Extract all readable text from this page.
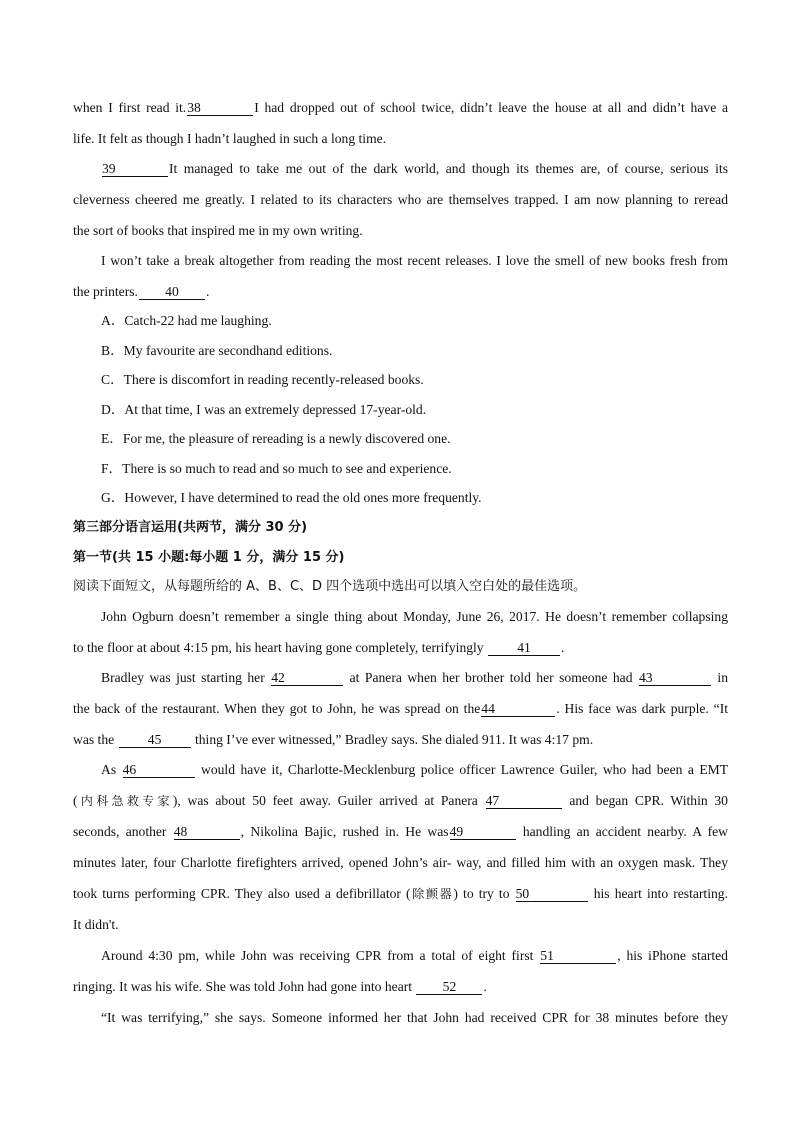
when I first read it.38	I had dropped out of school twice, didn’t leave the house at all and didn’t have a
life. It felt as though I hadn’t laughed in such a long time.
39	It managed to take me out of the dark world, and though its themes are, of course, serious its
cleverness cheered me greatly. I related to its characters who are themselves trapped. I am now planning to reread
the sort of books that inspired me in my own writing.
I won’t take a break altogether from reading the most recent releases. I love the smell of new books fresh from
the printers. 40 .
A．Catch-22 had me laughing.
B．My favourite are secondhand editions.
C．There is discomfort in reading recently-released books.
D．At that time, I was an extremely depressed 17-year-old.
E．For me, the pleasure of rereading is a newly discovered one.
F．There is so much to read and so much to see and experience.
G．However, I have determined to read the old ones more frequently.
第三部分语言运用(共两节，满分 30 分)
第一节(共 15 小题:每小题 1 分，满分 15 分)
阅读下面短文，从每题所给的 A、B、C、D 四个选项中选出可以填入空白处的最佳选项。
John Ogburn doesn’t remember a single thing about Monday, June 26, 2017. He doesn’t remember collapsing
to the floor at about 4:15 pm, his heart having gone completely, terrifyingly 41 .
Bradley was just starting her 42	at Panera when her brother told her someone had 43	in
the back of the restaurant. When they got to John, he was spread on the44	. His face was dark purple. “It
was the 45 thing I’ve ever witnessed,” Bradley says. She dialed 911. It was 4:17 pm.
As 46	would have it, Charlotte-Mecklenburg police officer Lawrence Guiler, who had been a EMT
(内科急救专家), was about 50 feet away. Guiler arrived at Panera 47	and began CPR. Within 30
seconds, another 48	, Nikolina Bajic, rushed in. He was49	handling an accident nearby. A few
minutes later, four Charlotte firefighters arrived, opened John’s air- way, and filled him with an oxygen mask. They
took turns performing CPR. They also used a defibrillator (除颤器) to try to 50	his heart into restarting.
It didn't.
Around 4:30 pm, while John was receiving CPR from a total of eight first 51	, his iPhone started
ringing. It was his wife. She was told John had gone into heart 52 .
“It was terrifying,” she says. Someone informed her that John had received CPR for 38 minutes before they
